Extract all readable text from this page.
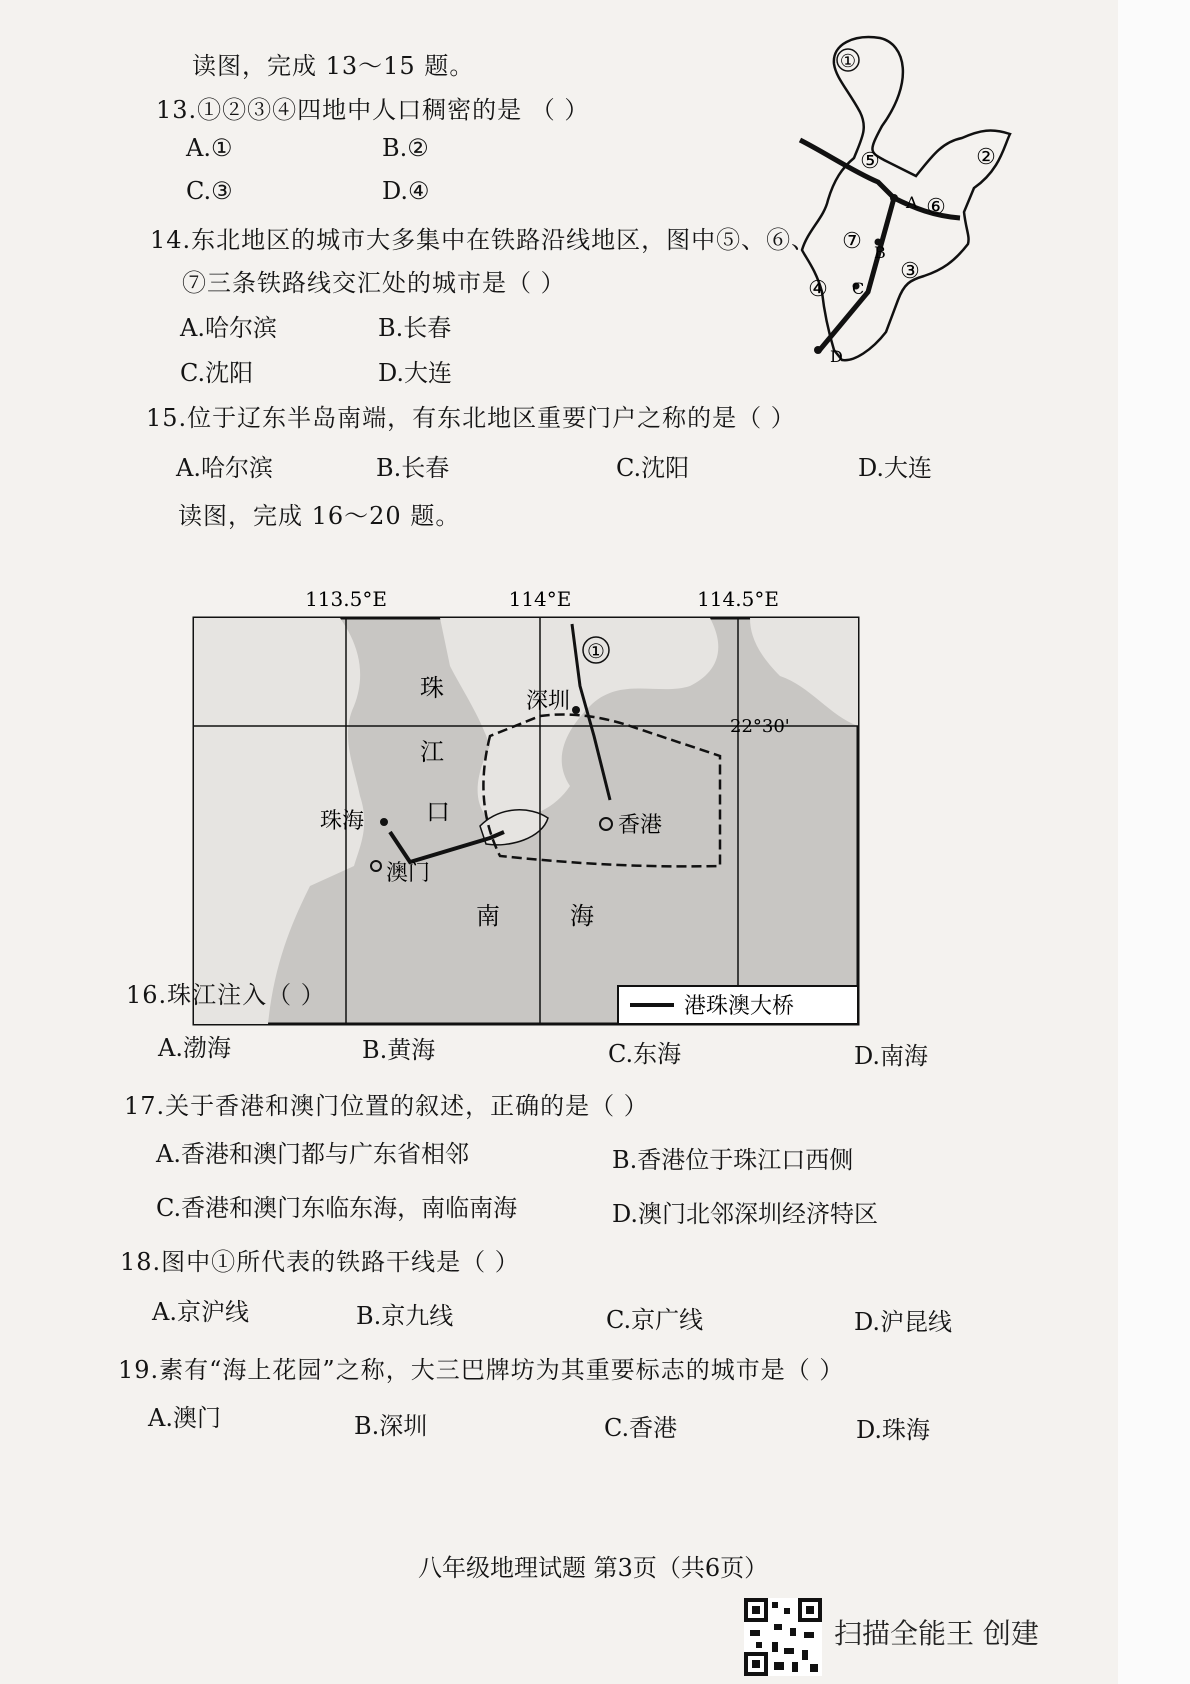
读图，完成 13～15 题。
13.①②③④四地中人口稠密的是 （ ）
A.①	B.②
C.③	D.④
14.东北地区的城市大多集中在铁路沿线地区，图中⑤、⑥、
⑦三条铁路线交汇处的城市是（ ）
A.哈尔滨	B.长春
C.沈阳	D.大连
15.位于辽东半岛南端，有东北地区重要门户之称的是（ ）
A.哈尔滨	B.长春	C.沈阳	D.大连
读图，完成 16～20 题。
①
②
③
④
⑤
⑥
⑦
A
B
C
D
113.5°E	114°E	114.5°E
①
22°30'
珠
江
口
南	海
深圳
珠海
澳门
香港
港珠澳大桥
16.珠江注入（ ）
A.渤海	B.黄海	C.东海	D.南海
17.关于香港和澳门位置的叙述，正确的是（ ）
A.香港和澳门都与广东省相邻	B.香港位于珠江口西侧
C.香港和澳门东临东海，南临南海	D.澳门北邻深圳经济特区
18.图中①所代表的铁路干线是（ ）
A.京沪线	B.京九线	C.京广线	D.沪昆线
19.素有“海上花园”之称，大三巴牌坊为其重要标志的城市是（ ）
A.澳门	B.深圳	C.香港	D.珠海
八年级地理试题 第3页（共6页）
扫描全能王 创建
